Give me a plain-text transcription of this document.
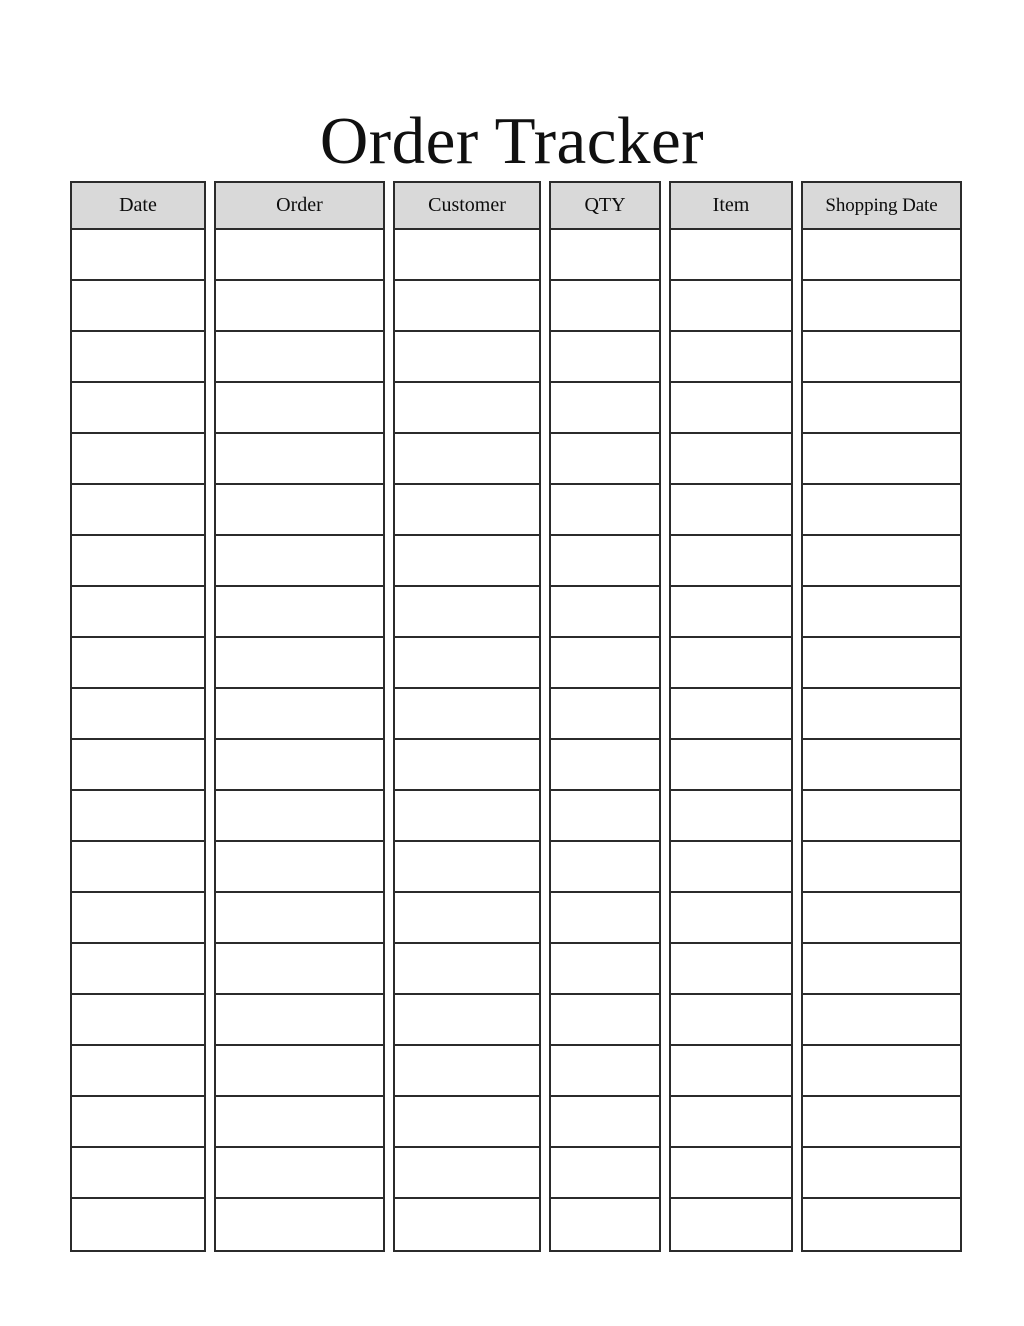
Order Tracker
Date	Order	Customer	QTY	Item	Shopping Date
